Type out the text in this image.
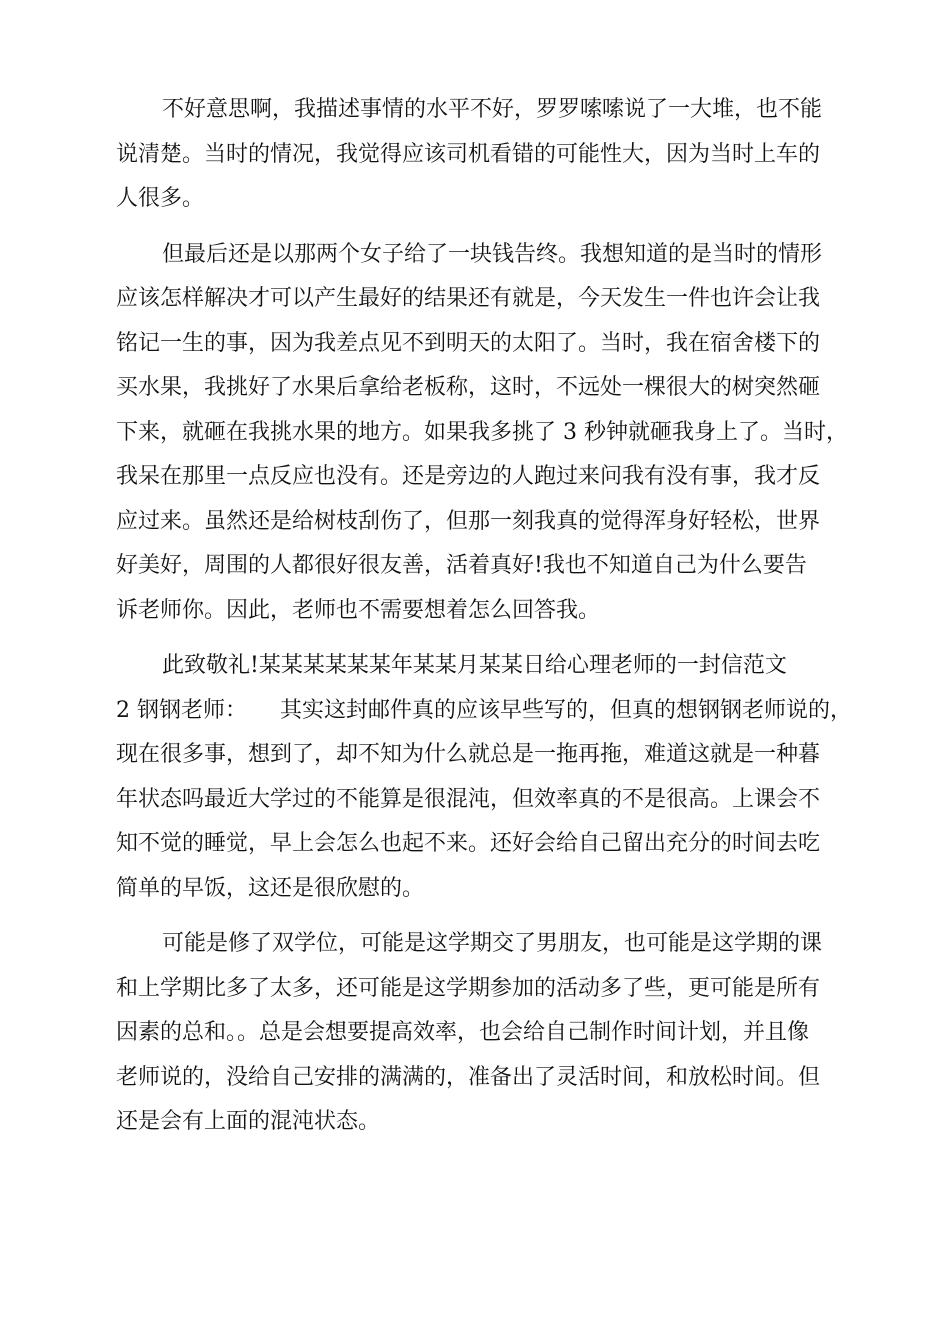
不好意思啊，我描述事情的水平不好，罗罗嗦嗦说了一大堆，也不能

说清楚。当时的情况，我觉得应该司机看错的可能性大，因为当时上车的

人很多。

但最后还是以那两个女子给了一块钱告终。我想知道的是当时的情形

应该怎样解决才可以产生最好的结果还有就是，今天发生一件也许会让我

铭记一生的事，因为我差点见不到明天的太阳了。当时，我在宿舍楼下的

买水果，我挑好了水果后拿给老板称，这时，不远处一棵很大的树突然砸

下来，就砸在我挑水果的地方。如果我多挑了 3 秒钟就砸我身上了。当时，

我呆在那里一点反应也没有。还是旁边的人跑过来问我有没有事，我才反

应过来。虽然还是给树枝刮伤了，但那一刻我真的觉得浑身好轻松，世界

好美好，周围的人都很好很友善，活着真好!我也不知道自己为什么要告

诉老师你。因此，老师也不需要想着怎么回答我。

此致敬礼!某某某某某某年某某月某某日给心理老师的一封信范文

2 钢钢老师：　　其实这封邮件真的应该早些写的，但真的想钢钢老师说的，

现在很多事，想到了，却不知为什么就总是一拖再拖，难道这就是一种暮

年状态吗最近大学过的不能算是很混沌，但效率真的不是很高。上课会不

知不觉的睡觉，早上会怎么也起不来。还好会给自己留出充分的时间去吃

简单的早饭，这还是很欣慰的。

可能是修了双学位，可能是这学期交了男朋友，也可能是这学期的课

和上学期比多了太多，还可能是这学期参加的活动多了些，更可能是所有

因素的总和。。总是会想要提高效率，也会给自己制作时间计划，并且像

老师说的，没给自己安排的满满的，准备出了灵活时间，和放松时间。但

还是会有上面的混沌状态。
